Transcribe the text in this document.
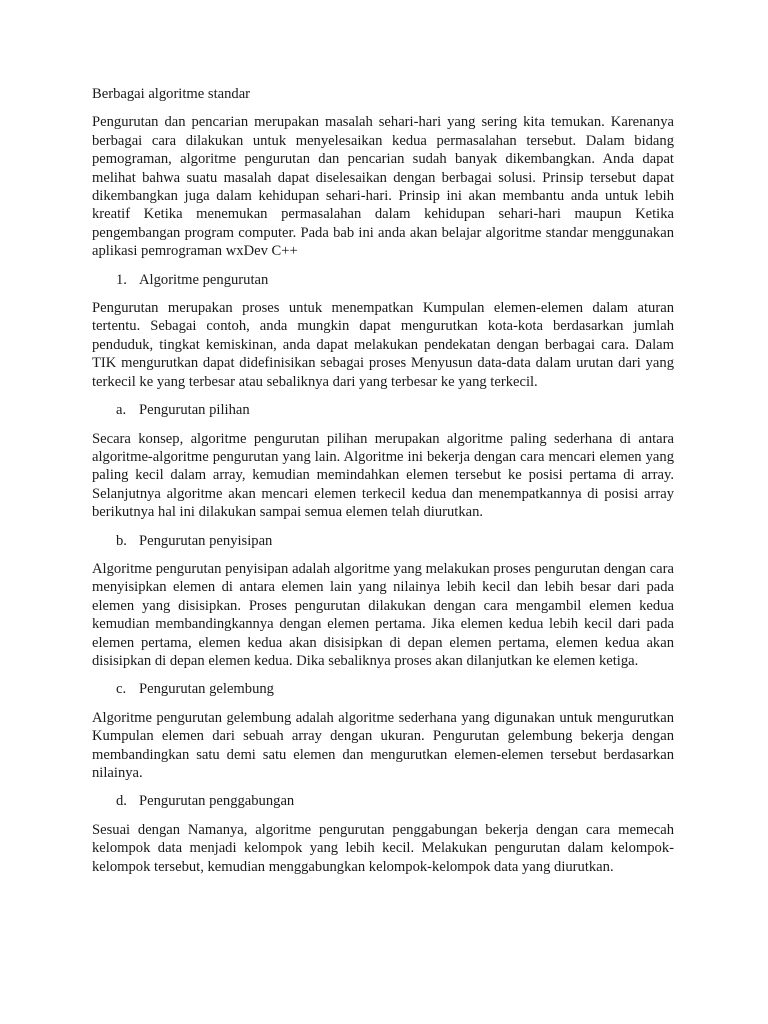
Berbagai algoritme standar

Pengurutan dan pencarian merupakan masalah sehari-hari yang sering kita temukan. Karenanya berbagai cara dilakukan untuk menyelesaikan kedua permasalahan tersebut. Dalam bidang pemograman, algoritme pengurutan dan pencarian sudah banyak dikembangkan. Anda dapat melihat bahwa suatu masalah dapat diselesaikan dengan berbagai solusi. Prinsip tersebut dapat dikembangkan juga dalam kehidupan sehari-hari. Prinsip ini akan membantu anda untuk lebih kreatif Ketika menemukan permasalahan dalam kehidupan sehari-hari maupun Ketika pengembangan program computer. Pada bab ini anda akan belajar algoritme standar menggunakan aplikasi pemrograman wxDev C++

1. Algoritme pengurutan

Pengurutan merupakan proses untuk menempatkan Kumpulan elemen-elemen dalam aturan tertentu. Sebagai contoh, anda mungkin dapat mengurutkan kota-kota berdasarkan jumlah penduduk, tingkat kemiskinan, anda dapat melakukan pendekatan dengan berbagai cara. Dalam TIK mengurutkan dapat didefinisikan sebagai proses Menyusun data-data dalam urutan dari yang terkecil ke yang terbesar atau sebaliknya dari yang terbesar ke yang terkecil.

a. Pengurutan pilihan

Secara konsep, algoritme pengurutan pilihan merupakan algoritme paling sederhana di antara algoritme-algoritme pengurutan yang lain. Algoritme ini bekerja dengan cara mencari elemen yang paling kecil dalam array, kemudian memindahkan elemen tersebut ke posisi pertama di array. Selanjutnya algoritme akan mencari elemen terkecil kedua dan menempatkannya di posisi array berikutnya hal ini dilakukan sampai semua elemen telah diurutkan.

b. Pengurutan penyisipan

Algoritme pengurutan penyisipan adalah algoritme yang melakukan proses pengurutan dengan cara menyisipkan elemen di antara elemen lain yang nilainya lebih kecil dan lebih besar dari pada elemen yang disisipkan. Proses pengurutan dilakukan dengan cara mengambil elemen kedua kemudian membandingkannya dengan elemen pertama. Jika elemen kedua lebih kecil dari pada elemen pertama, elemen kedua akan disisipkan di depan elemen pertama, elemen kedua akan disisipkan di depan elemen kedua. Dika sebaliknya proses akan dilanjutkan ke elemen ketiga.

c. Pengurutan gelembung

Algoritme pengurutan gelembung adalah algoritme sederhana yang digunakan untuk mengurutkan Kumpulan elemen dari sebuah array dengan ukuran. Pengurutan gelembung bekerja dengan membandingkan satu demi satu elemen dan mengurutkan elemen-elemen tersebut berdasarkan nilainya.

d. Pengurutan penggabungan

Sesuai dengan Namanya, algoritme pengurutan penggabungan bekerja dengan cara memecah kelompok data menjadi kelompok yang lebih kecil. Melakukan pengurutan dalam kelompok-kelompok tersebut, kemudian menggabungkan kelompok-kelompok data yang diurutkan.
